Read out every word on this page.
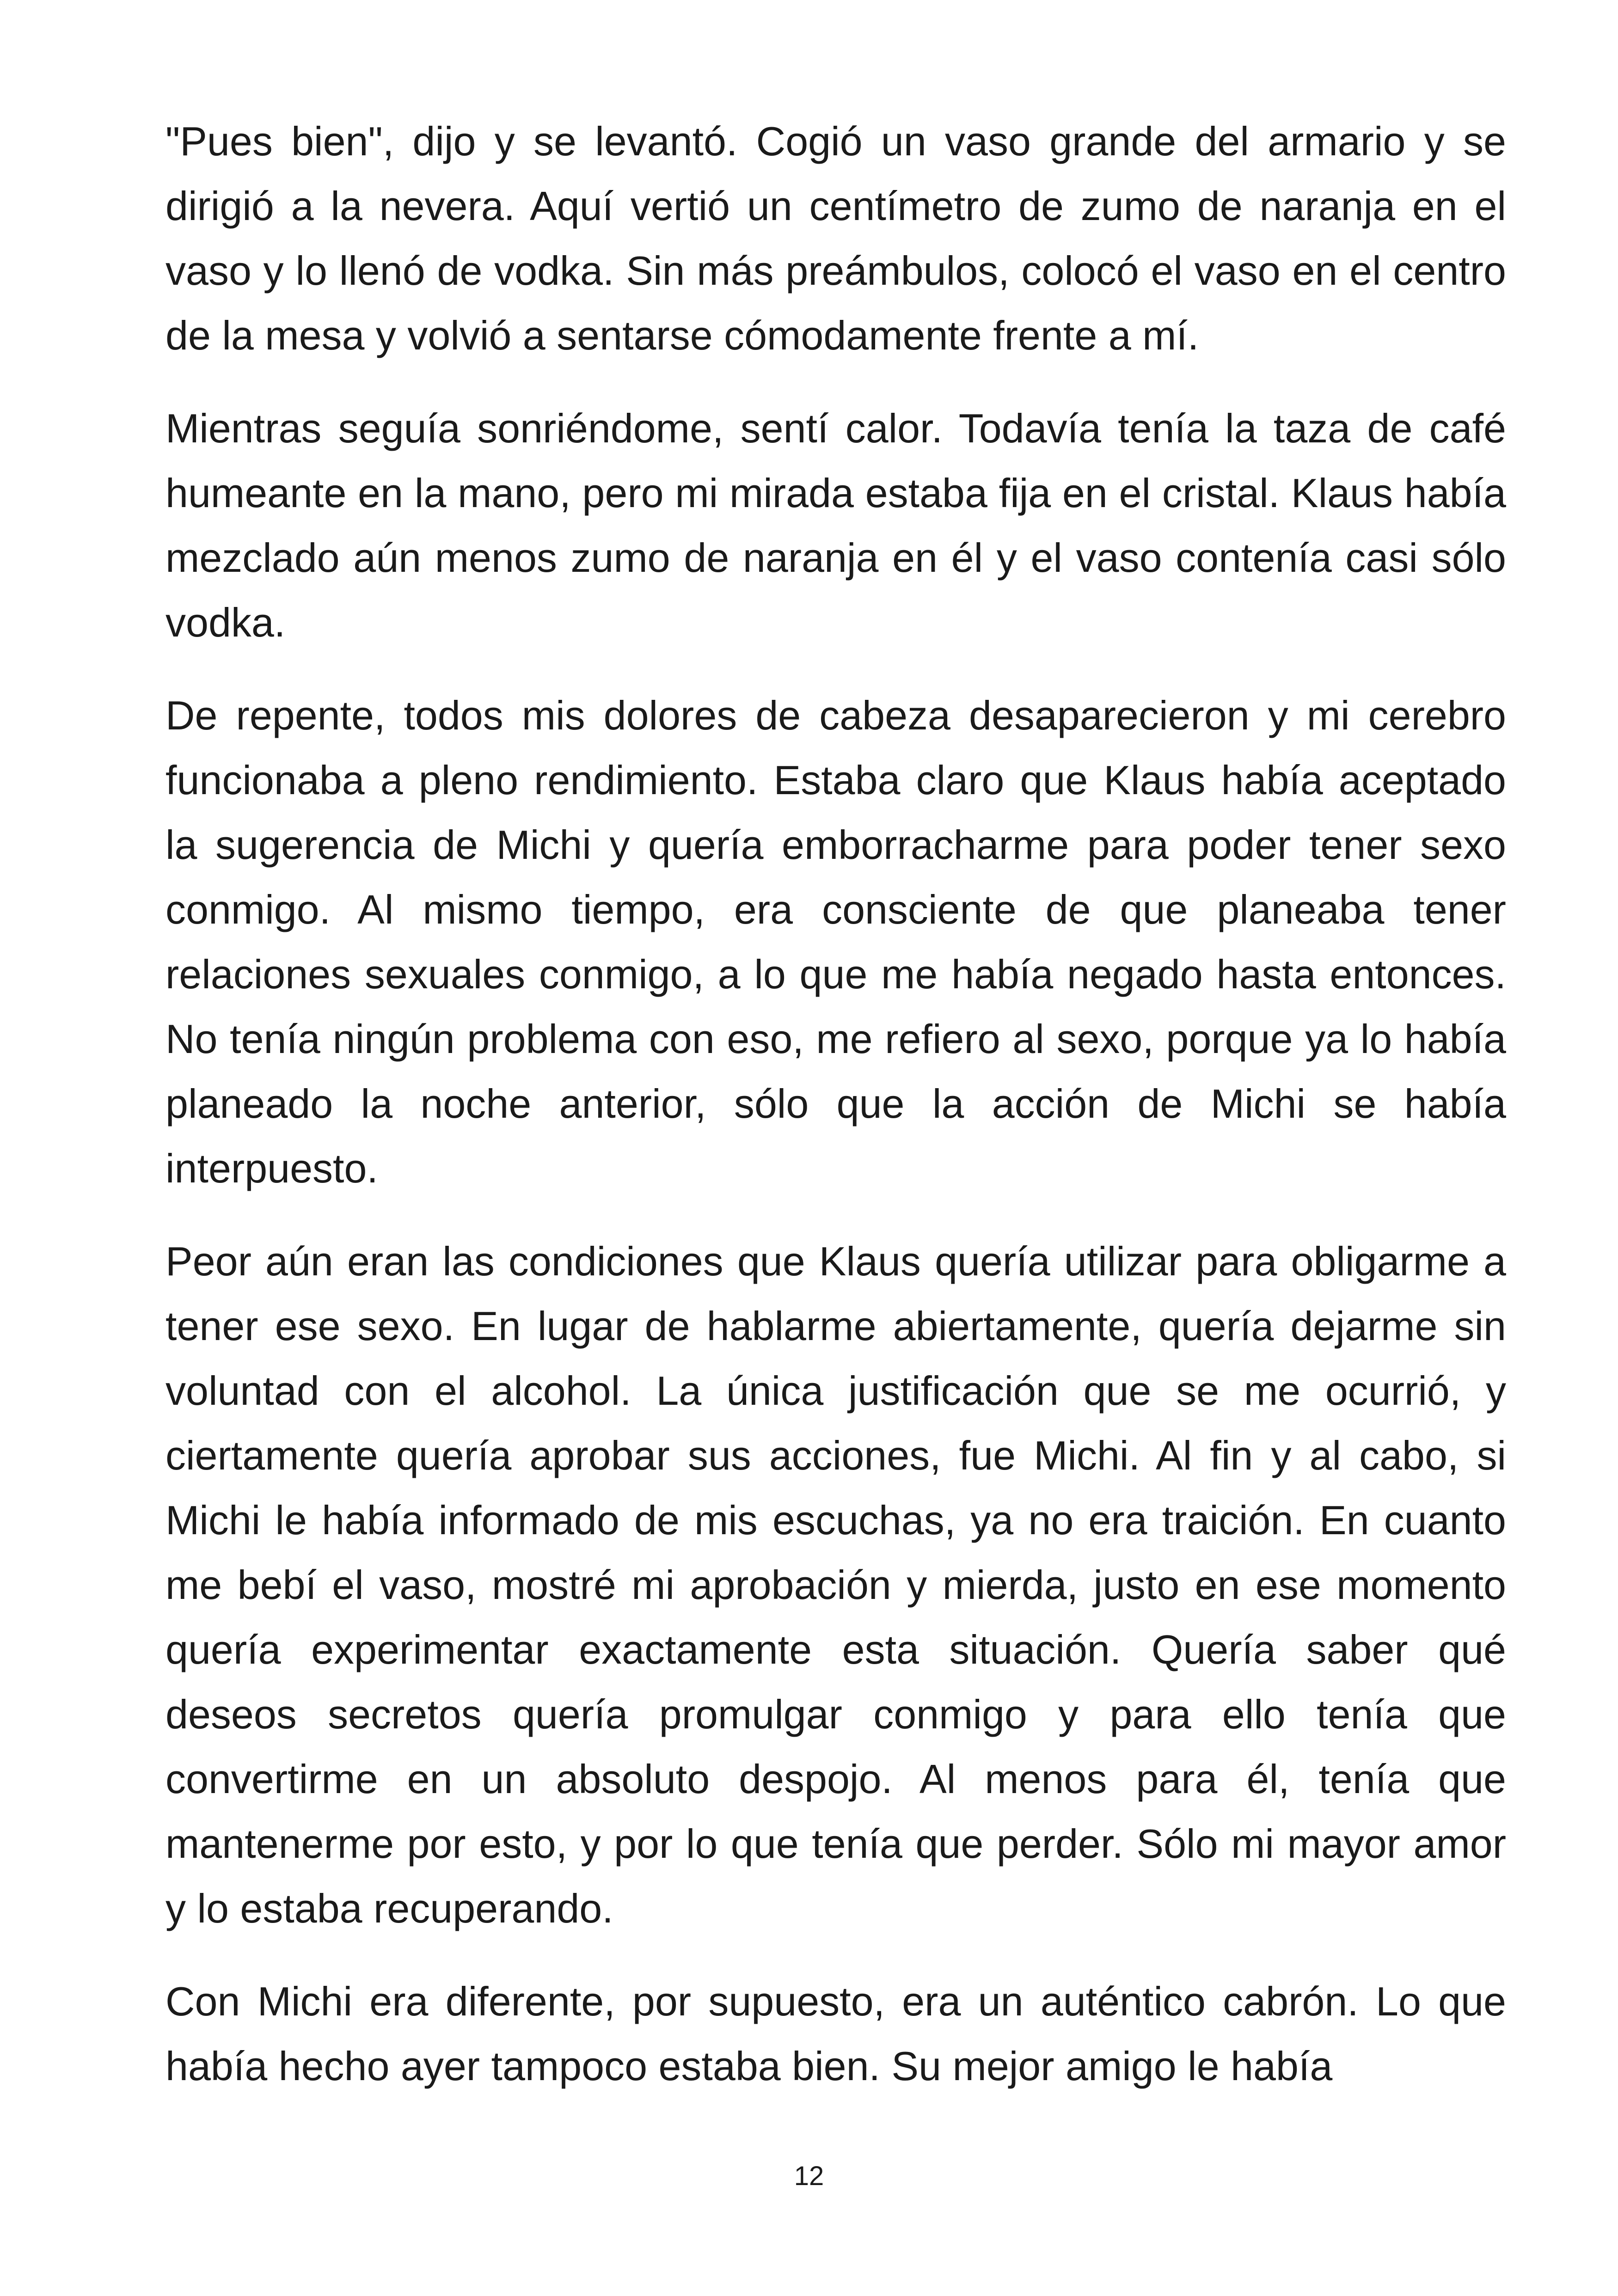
"Pues bien", dijo y se levantó. Cogió un vaso grande del armario y se dirigió a la nevera. Aquí vertió un centímetro de zumo de naranja en el vaso y lo llenó de vodka. Sin más preámbulos, colocó el vaso en el centro de la mesa y volvió a sentarse cómodamente frente a mí.

Mientras seguía sonriéndome, sentí calor. Todavía tenía la taza de café humeante en la mano, pero mi mirada estaba fija en el cristal. Klaus había mezclado aún menos zumo de naranja en él y el vaso contenía casi sólo vodka.

De repente, todos mis dolores de cabeza desaparecieron y mi cerebro funcionaba a pleno rendimiento. Estaba claro que Klaus había aceptado la sugerencia de Michi y quería emborracharme para poder tener sexo conmigo. Al mismo tiempo, era consciente de que planeaba tener relaciones sexuales conmigo, a lo que me había negado hasta entonces. No tenía ningún problema con eso, me refiero al sexo, porque ya lo había planeado la noche anterior, sólo que la acción de Michi se había interpuesto.

Peor aún eran las condiciones que Klaus quería utilizar para obligarme a tener ese sexo. En lugar de hablarme abiertamente, quería dejarme sin voluntad con el alcohol. La única justificación que se me ocurrió, y ciertamente quería aprobar sus acciones, fue Michi. Al fin y al cabo, si Michi le había informado de mis escuchas, ya no era traición. En cuanto me bebí el vaso, mostré mi aprobación y mierda, justo en ese momento quería experimentar exactamente esta situación. Quería saber qué deseos secretos quería promulgar conmigo y para ello tenía que convertirme en un absoluto despojo. Al menos para él, tenía que mantenerme por esto, y por lo que tenía que perder. Sólo mi mayor amor y lo estaba recuperando.

Con Michi era diferente, por supuesto, era un auténtico cabrón. Lo que había hecho ayer tampoco estaba bien. Su mejor amigo le había

12
